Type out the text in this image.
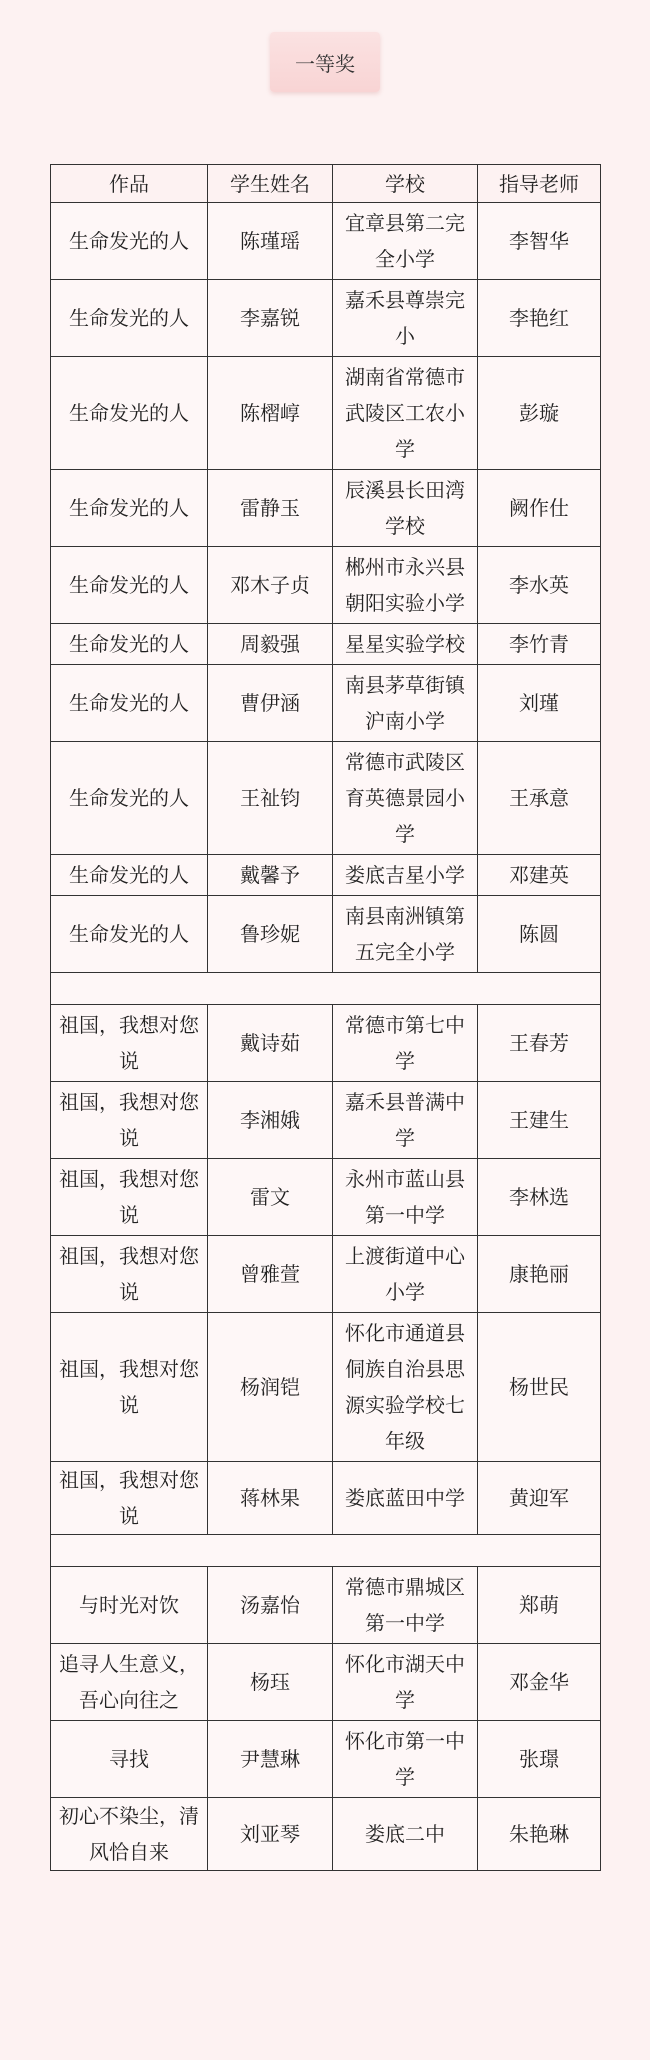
一等奖
作品	学生姓名	学校	指导老师
生命发光的人	陈瑾瑶	宜章县第二完全小学	李智华
生命发光的人	李嘉锐	嘉禾县尊崇完小	李艳红
生命发光的人	陈槢崞	湖南省常德市武陵区工农小学	彭璇
生命发光的人	雷静玉	辰溪县长田湾学校	阙作仕
生命发光的人	邓木子贞	郴州市永兴县朝阳实验小学	李水英
生命发光的人	周毅强	星星实验学校	李竹青
生命发光的人	曹伊涵	南县茅草街镇沪南小学	刘瑾
生命发光的人	王祉钧	常德市武陵区育英德景园小学	王承意
生命发光的人	戴馨予	娄底吉星小学	邓建英
生命发光的人	鲁珍妮	南县南洲镇第五完全小学	陈圆

祖国，我想对您说	戴诗茹	常德市第七中学	王春芳
祖国，我想对您说	李湘娥	嘉禾县普满中学	王建生
祖国，我想对您说	雷文	永州市蓝山县第一中学	李林选
祖国，我想对您说	曾雅萱	上渡街道中心小学	康艳丽
祖国，我想对您说	杨润铠	怀化市通道县侗族自治县思源实验学校七年级	杨世民
祖国，我想对您说	蒋林果	娄底蓝田中学	黄迎军

与时光对饮	汤嘉怡	常德市鼎城区第一中学	郑萌
追寻人生意义，吾心向往之	杨珏	怀化市湖天中学	邓金华
寻找	尹慧琳	怀化市第一中学	张璟
初心不染尘，清风恰自来	刘亚琴	娄底二中	朱艳琳
